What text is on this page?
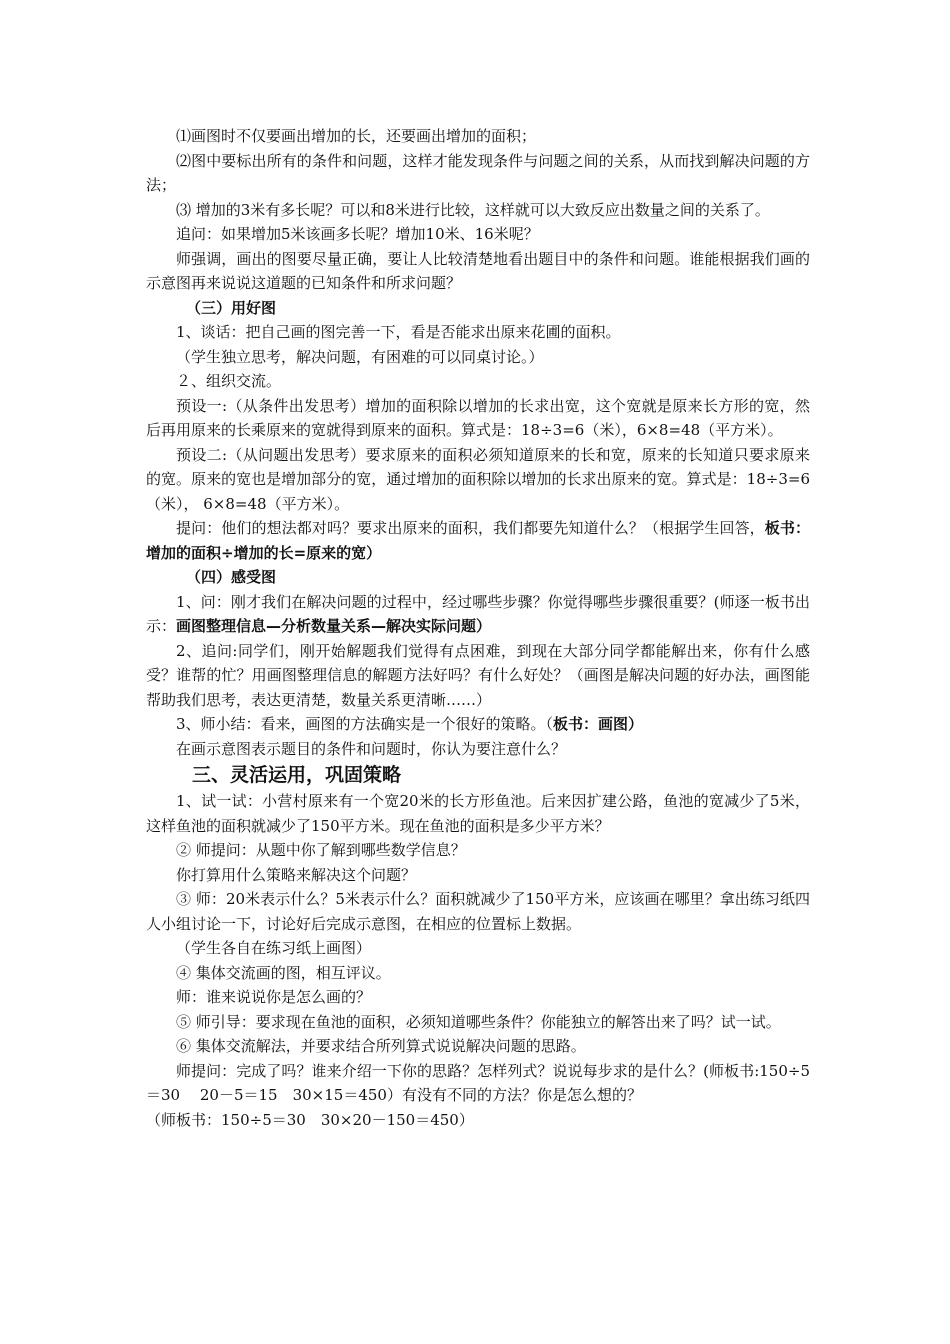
⑴画图时不仅要画出增加的长，还要画出增加的面积；

⑵图中要标出所有的条件和问题，这样才能发现条件与问题之间的关系，从而找到解决问题的方法；

⑶ 增加的3米有多长呢？可以和8米进行比较，这样就可以大致反应出数量之间的关系了。

追问：如果增加5米该画多长呢？增加10米、16米呢？

师强调，画出的图要尽量正确，要让人比较清楚地看出题目中的条件和问题。谁能根据我们画的示意图再来说说这道题的已知条件和所求问题？

（三）用好图

1、谈话：把自己画的图完善一下，看是否能求出原来花圃的面积。

（学生独立思考，解决问题，有困难的可以同桌讨论。）

２、组织交流。

预设一:（从条件出发思考）增加的面积除以增加的长求出宽，这个宽就是原来长方形的宽，然后再用原来的长乘原来的宽就得到原来的面积。算式是：18÷3=6（米），6×8=48（平方米）。

预设二:（从问题出发思考）要求原来的面积必须知道原来的长和宽，原来的长知道只要求原来的宽。原来的宽也是增加部分的宽，通过增加的面积除以增加的长求出原来的宽。算式是：18÷3=6（米）， 6×8=48（平方米）。

提问：他们的想法都对吗？要求出原来的面积，我们都要先知道什么？（根据学生回答，板书：增加的面积÷增加的长=原来的宽）

（四）感受图

1、问：刚才我们在解决问题的过程中，经过哪些步骤？你觉得哪些步骤很重要？(师逐一板书出示：画图整理信息—分析数量关系—解决实际问题）

2、追问:同学们，刚开始解题我们觉得有点困难，到现在大部分同学都能解出来，你有什么感受？谁帮的忙？用画图整理信息的解题方法好吗？有什么好处？（画图是解决问题的好办法，画图能帮助我们思考，表达更清楚，数量关系更清晰……）

3、师小结：看来，画图的方法确实是一个很好的策略。（板书：画图）

在画示意图表示题目的条件和问题时，你认为要注意什么？

三、灵活运用，巩固策略

1、试一试：小营村原来有一个宽20米的长方形鱼池。后来因扩建公路，鱼池的宽减少了5米，这样鱼池的面积就减少了150平方米。现在鱼池的面积是多少平方米？

② 师提问：从题中你了解到哪些数学信息？

你打算用什么策略来解决这个问题？

③ 师：20米表示什么？5米表示什么？面积就减少了150平方米，应该画在哪里？拿出练习纸四人小组讨论一下，讨论好后完成示意图，在相应的位置标上数据。

（学生各自在练习纸上画图）

④ 集体交流画的图，相互评议。

师：谁来说说你是怎么画的？

⑤ 师引导：要求现在鱼池的面积，必须知道哪些条件？你能独立的解答出来了吗？试一试。

⑥ 集体交流解法，并要求结合所列算式说说解决问题的思路。

师提问：完成了吗？谁来介绍一下你的思路？怎样列式？说说每步求的是什么？(师板书:150÷5＝30　 20－5＝15　30×15＝450）有没有不同的方法？你是怎么想的？

（师板书：150÷5＝30　30×20－150＝450）
